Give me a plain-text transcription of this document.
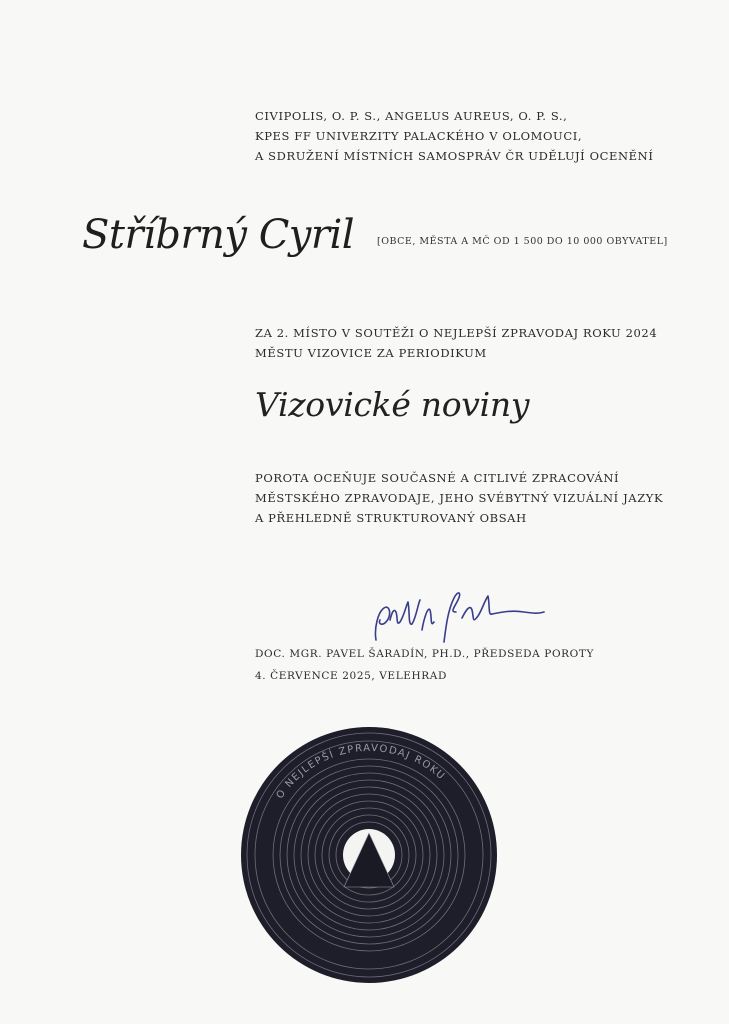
CIVIPOLIS, O. P. S., ANGELUS AUREUS, O. P. S.,
KPES FF UNIVERZITY PALACKÉHO V OLOMOUCI,
A SDRUŽENÍ MÍSTNÍCH SAMOSPRÁV ČR UDĚLUJÍ OCENĚNÍ
Stříbrný Cyril [OBCE, MĚSTA A MČ OD 1 500 DO 10 000 OBYVATEL]
ZA 2. MÍSTO V SOUTĚŽI O NEJLEPŠÍ ZPRAVODAJ ROKU 2024
MĚSTU VIZOVICE ZA PERIODIKUM
Vizovické noviny
POROTA OCEŇUJE SOUČASNÉ A CITLIVÉ ZPRACOVÁNÍ
MĚSTSKÉHO ZPRAVODAJE, JEHO SVÉBYTNÝ VIZUÁLNÍ JAZYK
A PŘEHLEDNĚ STRUKTUROVANÝ OBSAH
DOC. MGR. PAVEL ŠARADÍN, PH.D., PŘEDSEDA POROTY
4. ČERVENCE 2025, VELEHRAD
O NEJLEPŠÍ ZPRAVODAJ ROKU
